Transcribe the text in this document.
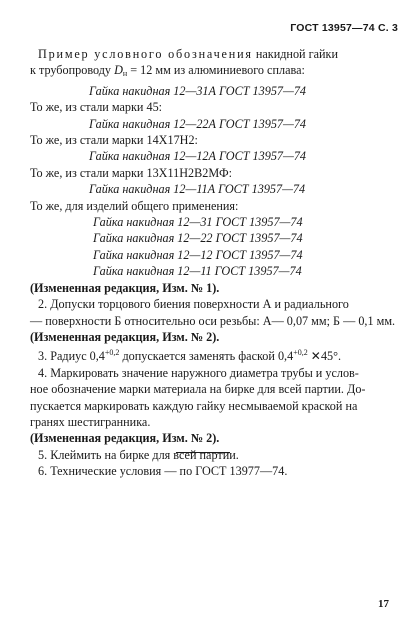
ГОСТ 13957—74 С. 3
Пример условного обозначения накидной гайки
к трубопроводу $D_н = 12$ мм из алюминиевого сплава:
Гайка накидная 12—31А ГОСТ 13957—74
То же, из стали марки 45:
Гайка накидная 12—22А ГОСТ 13957—74
То же, из стали марки 14Х17Н2:
Гайка накидная 12—12А ГОСТ 13957—74
То же, из стали марки 13Х11Н2В2МФ:
Гайка накидная 12—11А ГОСТ 13957—74
То же, для изделий общего применения:
Гайка накидная 12—31 ГОСТ 13957—74
Гайка накидная 12—22 ГОСТ 13957—74
Гайка накидная 12—12 ГОСТ 13957—74
Гайка накидная 12—11 ГОСТ 13957—74
(Измененная редакция, Изм. № 1).
2. Допуски торцового биения поверхности А и радиального
— поверхности Б относительно оси резьбы: А— 0,07 мм; Б — 0,1 мм.
(Измененная редакция, Изм. № 2).
3. Радиус $0,4^{+0,2}$ допускается заменять фаской $0,4^{+0,2}$ ✕45°.
4. Маркировать значение наружного диаметра трубы и услов-
ное обозначение марки материала на бирке для всей партии. До-
пускается маркировать каждую гайку несмываемой краской на
гранях шестигранника.
(Измененная редакция, Изм. № 2).
5. Клеймить на бирке для всей партии.
6. Технические условия — по ГОСТ 13977—74.
17
